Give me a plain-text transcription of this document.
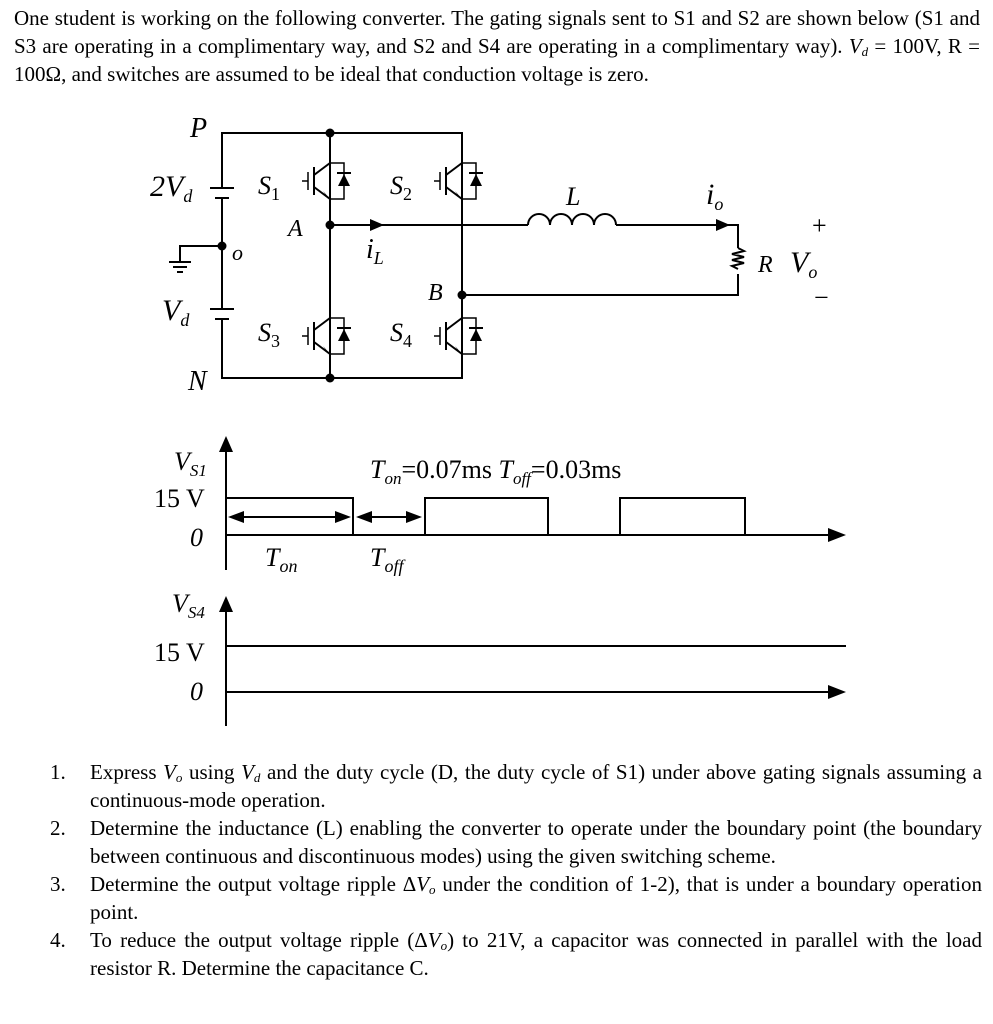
One student is working on the following converter. The gating signals sent to S1 and S2 are shown below (S1 and S3 are operating in a complimentary way, and S2 and S4 are operating in a complimentary way). $V_d = 100V$, R = 100Ω, and switches are assumed to be ideal that conduction voltage is zero.

P
N
o
A
B
$2V_d$
$V_d$
$S_1$	$S_2$
$S_3$	$S_4$
L
$i_L$
$i_o$
R $V_o$
+
−
$V_{S1}$
15 V
0
$T_{on}$	$T_{off}$
$T_{on}=0.07ms$ $T_{off}=0.03ms$
$V_{S4}$
15 V
0
1. Express $V_o$ using $V_d$ and the duty cycle (D, the duty cycle of S1) under above gating signals assuming a continuous-mode operation.
2. Determine the inductance (L) enabling the converter to operate under the boundary point (the boundary between continuous and discontinuous modes) using the given switching scheme.
3. Determine the output voltage ripple $\Delta V_o$ under the condition of 1-2), that is under a boundary operation point.
4. To reduce the output voltage ripple $(\Delta V_o)$ to 21V, a capacitor was connected in parallel with the load resistor R. Determine the capacitance C.
